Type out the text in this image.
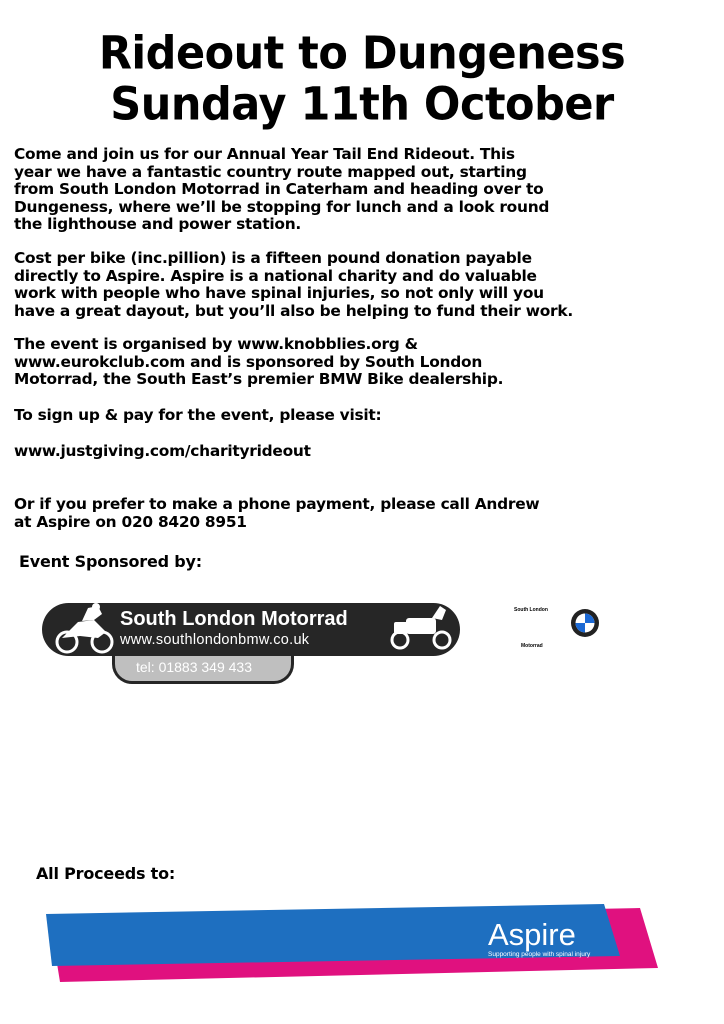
Rideout to Dungeness
Sunday 11th October
Come and join us for our Annual Year Tail End Rideout. This
year we have a fantastic country route mapped out, starting
from South London Motorrad in Caterham and heading over to
Dungeness, where we’ll be stopping for lunch and a look round
the lighthouse and power station.
Cost per bike (inc.pillion) is a fifteen pound donation payable
directly to Aspire. Aspire is a national charity and do valuable
work with people who have spinal injuries, so not only will you
have a great dayout, but you’ll also be helping to fund their work.
The event is organised by www.knobblies.org &
www.eurokclub.com and is sponsored by South London
Motorrad, the South East’s premier BMW Bike dealership.
To sign up & pay for the event, please visit:
www.justgiving.com/charityrideout
Or if you prefer to make a phone payment, please call Andrew
at Aspire on 020 8420 8951
Event Sponsored by:
South London Motorrad
www.southlondonbmw.co.uk
tel: 01883 349 433
South London
Motorrad
All Proceeds to:
Aspire
Supporting people with spinal injury
